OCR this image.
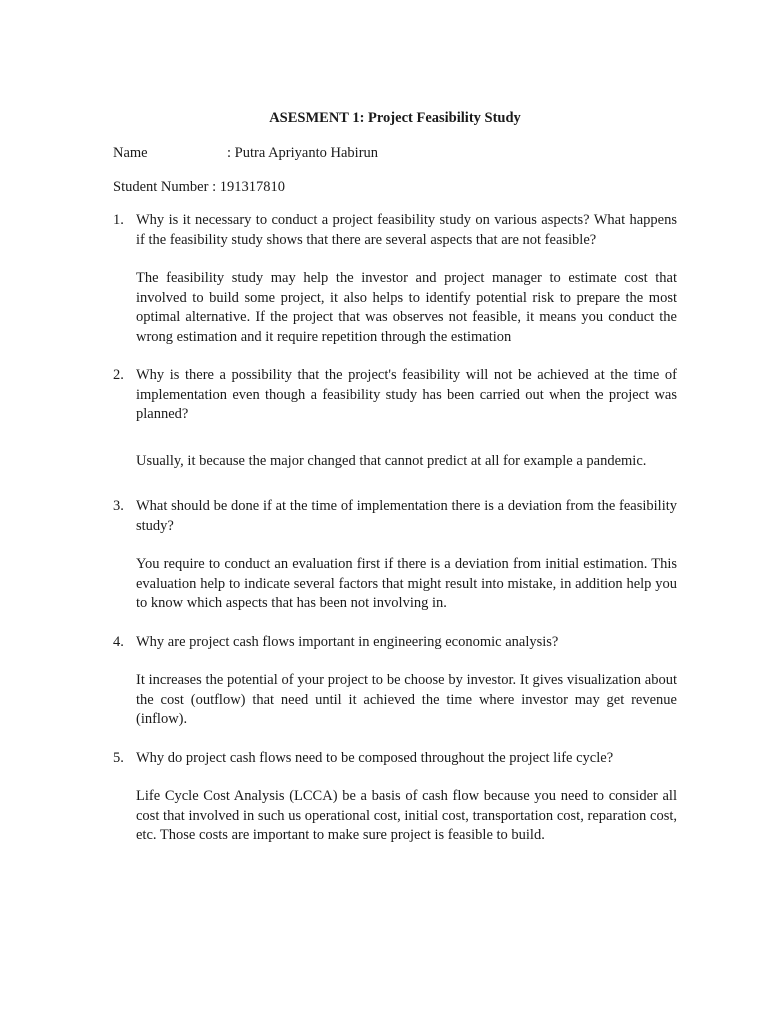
ASESMENT 1: Project Feasibility Study
Name	: Putra Apriyanto Habirun
Student Number : 191317810
1. Why is it necessary to conduct a project feasibility study on various aspects? What happens if the feasibility study shows that there are several aspects that are not feasible?

The feasibility study may help the investor and project manager to estimate cost that involved to build some project, it also helps to identify potential risk to prepare the most optimal alternative. If the project that was observes not feasible, it means you conduct the wrong estimation and it require repetition through the estimation

2. Why is there a possibility that the project's feasibility will not be achieved at the time of implementation even though a feasibility study has been carried out when the project was planned?

Usually, it because the major changed that cannot predict at all for example a pandemic.

3. What should be done if at the time of implementation there is a deviation from the feasibility study?

You require to conduct an evaluation first if there is a deviation from initial estimation. This evaluation help to indicate several factors that might result into mistake, in addition help you to know which aspects that has been not involving in.

4. Why are project cash flows important in engineering economic analysis?

It increases the potential of your project to be choose by investor. It gives visualization about the cost (outflow) that need until it achieved the time where investor may get revenue (inflow).

5. Why do project cash flows need to be composed throughout the project life cycle?

Life Cycle Cost Analysis (LCCA) be a basis of cash flow because you need to consider all cost that involved in such us operational cost, initial cost, transportation cost, reparation cost, etc. Those costs are important to make sure project is feasible to build.
